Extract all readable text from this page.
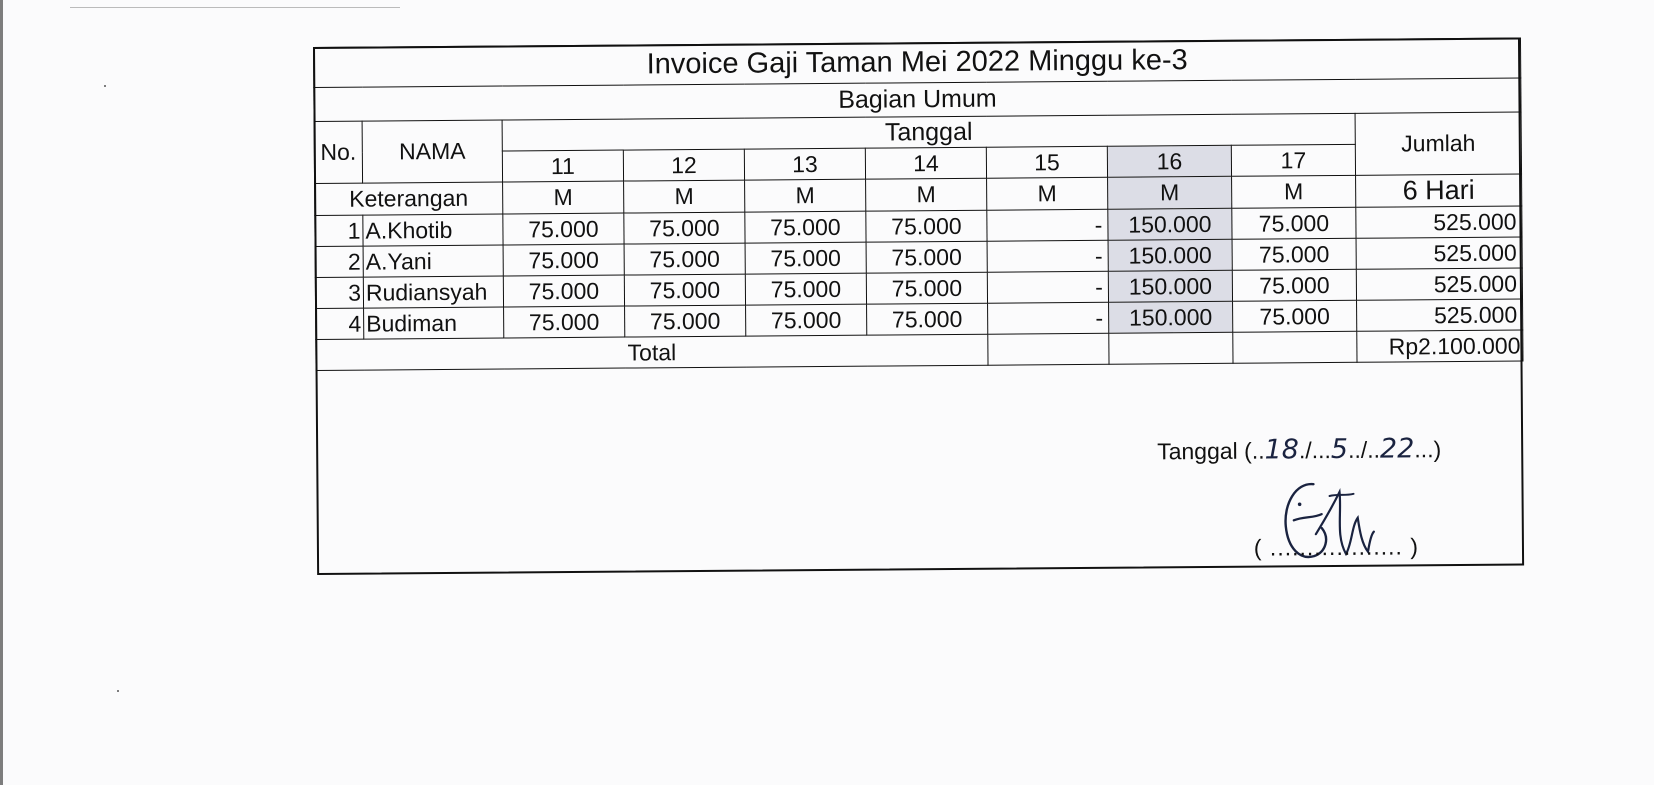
Invoice Gaji Taman Mei 2022 Minggu ke-3									
Bagian Umum									
No.	NAMA	Tanggal							Jumlah
		11	12	13	14	15	16	17	
Keterangan		M	M	M	M	M	M	M	6 Hari
1	A.Khotib	75.000	75.000	75.000	75.000	-	150.000	75.000	525.000
2	A.Yani	75.000	75.000	75.000	75.000	-	150.000	75.000	525.000
3	Rudiansyah	75.000	75.000	75.000	75.000	-	150.000	75.000	525.000
4	Budiman	75.000	75.000	75.000	75.000	-	150.000	75.000	525.000
Total									Rp2.100.000
Tanggal (..18./...5../..22...)
( .................. )
